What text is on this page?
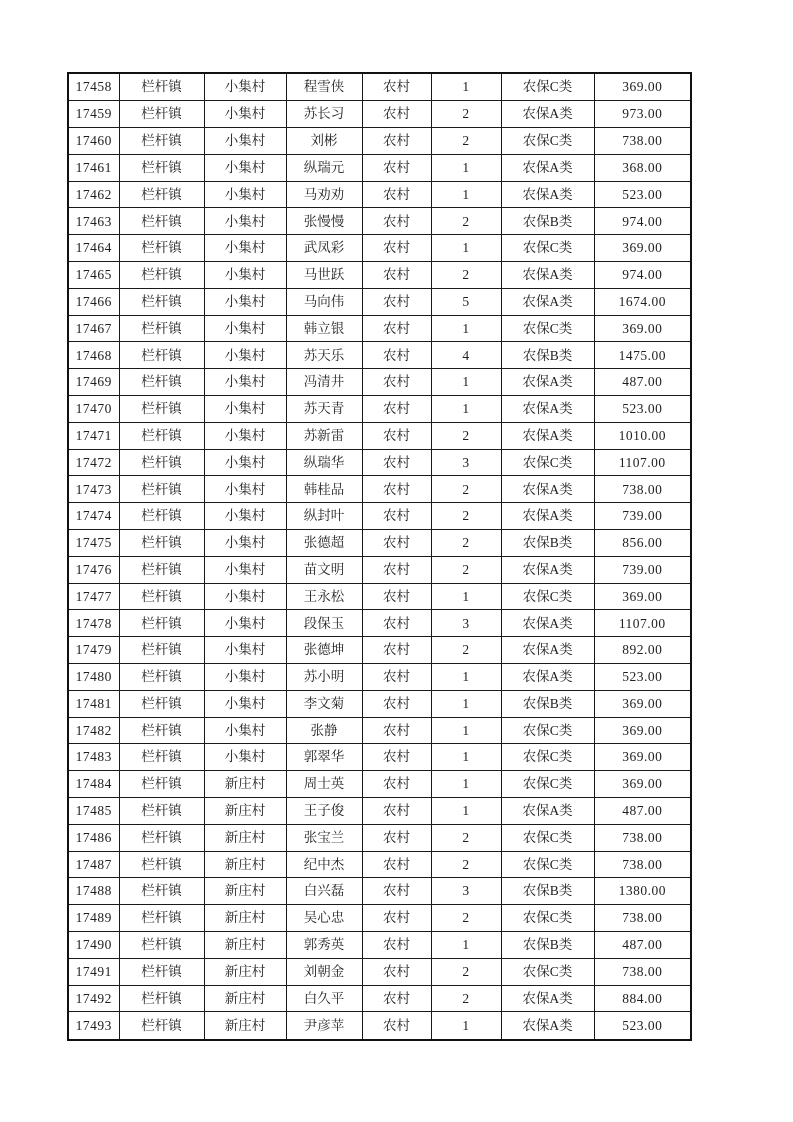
17458	栏杆镇	小集村	程雪侠	农村	1	农保C类	369.00
17459	栏杆镇	小集村	苏长习	农村	2	农保A类	973.00
17460	栏杆镇	小集村	刘彬	农村	2	农保C类	738.00
17461	栏杆镇	小集村	纵瑞元	农村	1	农保A类	368.00
17462	栏杆镇	小集村	马劝劝	农村	1	农保A类	523.00
17463	栏杆镇	小集村	张慢慢	农村	2	农保B类	974.00
17464	栏杆镇	小集村	武凤彩	农村	1	农保C类	369.00
17465	栏杆镇	小集村	马世跃	农村	2	农保A类	974.00
17466	栏杆镇	小集村	马向伟	农村	5	农保A类	1674.00
17467	栏杆镇	小集村	韩立银	农村	1	农保C类	369.00
17468	栏杆镇	小集村	苏天乐	农村	4	农保B类	1475.00
17469	栏杆镇	小集村	冯清井	农村	1	农保A类	487.00
17470	栏杆镇	小集村	苏天青	农村	1	农保A类	523.00
17471	栏杆镇	小集村	苏新雷	农村	2	农保A类	1010.00
17472	栏杆镇	小集村	纵瑞华	农村	3	农保C类	1107.00
17473	栏杆镇	小集村	韩桂品	农村	2	农保A类	738.00
17474	栏杆镇	小集村	纵封叶	农村	2	农保A类	739.00
17475	栏杆镇	小集村	张德超	农村	2	农保B类	856.00
17476	栏杆镇	小集村	苗文明	农村	2	农保A类	739.00
17477	栏杆镇	小集村	王永松	农村	1	农保C类	369.00
17478	栏杆镇	小集村	段保玉	农村	3	农保A类	1107.00
17479	栏杆镇	小集村	张德坤	农村	2	农保A类	892.00
17480	栏杆镇	小集村	苏小明	农村	1	农保A类	523.00
17481	栏杆镇	小集村	李文菊	农村	1	农保B类	369.00
17482	栏杆镇	小集村	张静	农村	1	农保C类	369.00
17483	栏杆镇	小集村	郭翠华	农村	1	农保C类	369.00
17484	栏杆镇	新庄村	周士英	农村	1	农保C类	369.00
17485	栏杆镇	新庄村	王子俊	农村	1	农保A类	487.00
17486	栏杆镇	新庄村	张宝兰	农村	2	农保C类	738.00
17487	栏杆镇	新庄村	纪中杰	农村	2	农保C类	738.00
17488	栏杆镇	新庄村	白兴磊	农村	3	农保B类	1380.00
17489	栏杆镇	新庄村	吴心忠	农村	2	农保C类	738.00
17490	栏杆镇	新庄村	郭秀英	农村	1	农保B类	487.00
17491	栏杆镇	新庄村	刘朝金	农村	2	农保C类	738.00
17492	栏杆镇	新庄村	白久平	农村	2	农保A类	884.00
17493	栏杆镇	新庄村	尹彦苹	农村	1	农保A类	523.00
